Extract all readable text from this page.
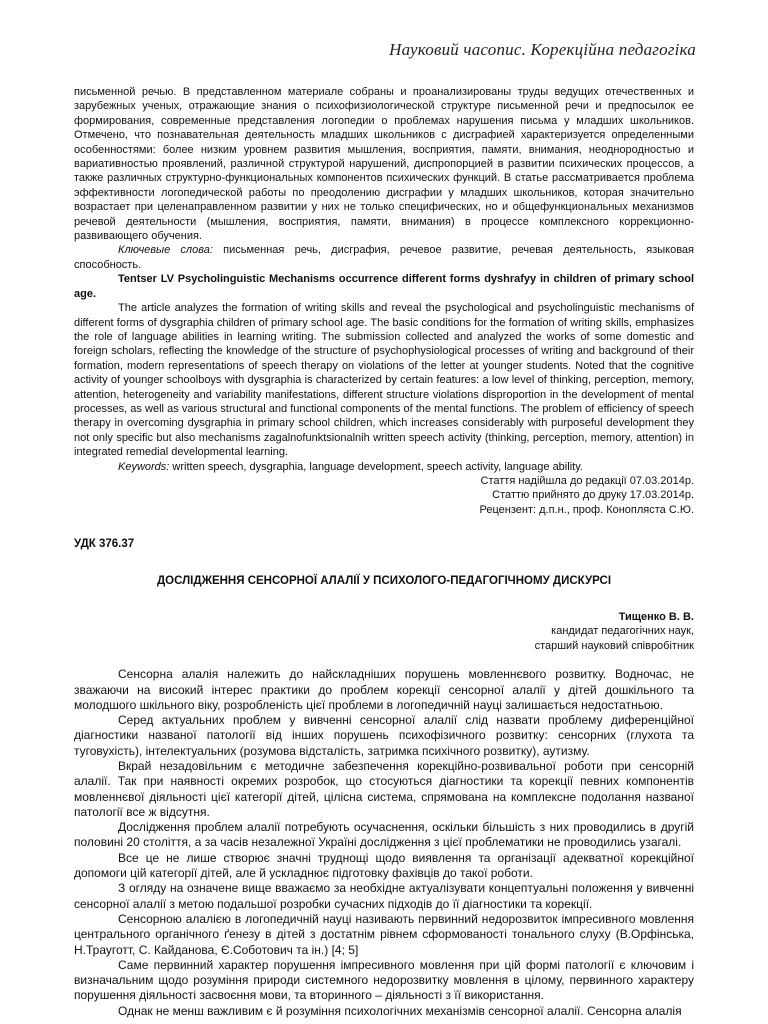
Науковий часопис. Корекційна педагогіка

письменной речью. В представленном материале собраны и проанализированы труды ведущих отечественных и зарубежных ученых, отражающие знания о психофизиологической структуре письменной речи и предпосылок ее формирования, современные представления логопедии о проблемах нарушения письма у младших школьников. Отмечено, что познавательная деятельность младших школьников с дисграфией характеризуется определенными особенностями: более низким уровнем развития мышления, восприятия, памяти, внимания, неоднородностью и вариативностью проявлений, различной структурой нарушений, диспропорцией в развитии психических процессов, а также различных структурно-функциональных компонентов психических функций. В статье рассматривается проблема эффективности логопедической работы по преодолению дисграфии у младших школьников, которая значительно возрастает при целенаправленном развитии у них не только специфических, но и общефункциональных механизмов речевой деятельности (мышления, восприятия, памяти, внимания) в процессе комплексного коррекционно-развивающего обучения.

Ключевые слова: письменная речь, дисграфия, речевое развитие, речевая деятельность, языковая способность.

Tentser LV Psycholinguistic Mechanisms occurrence different forms dyshrafyy in children of primary school age.

The article analyzes the formation of writing skills and reveal the psychological and psycholinguistic mechanisms of different forms of dysgraphia children of primary school age. The basic conditions for the formation of writing skills, emphasizes the role of language abilities in learning writing. The submission collected and analyzed the works of some domestic and foreign scholars, reflecting the knowledge of the structure of psychophysiological processes of writing and background of their formation, modern representations of speech therapy on violations of the letter at younger students. Noted that the cognitive activity of younger schoolboys with dysgraphia is characterized by certain features: a low level of thinking, perception, memory, attention, heterogeneity and variability manifestations, different structure violations disproportion in the development of mental processes, as well as various structural and functional components of the mental functions. The problem of efficiency of speech therapy in overcoming dysgraphia in primary school children, which increases considerably with purposeful development they not only specific but also mechanisms zagalnofunktsionalnih written speech activity (thinking, perception, memory, attention) in integrated remedial developmental learning.

Keywords: written speech, dysgraphia, language development, speech activity, language ability.

Стаття надійшла до редакції 07.03.2014р.

Статтю прийнято до друку 17.03.2014р.

Рецензент: д.п.н., проф. Конопляста С.Ю.

УДК 376.37

ДОСЛІДЖЕННЯ СЕНСОРНОЇ АЛАЛІЇ У ПСИХОЛОГО-ПЕДАГОГІЧНОМУ ДИСКУРСІ

Тищенко В. В.

кандидат педагогічних наук,

старший науковий співробітник

Сенсорна алалія належить до найскладніших порушень мовленнєвого розвитку. Водночас, не зважаючи на високий інтерес практики до проблем корекції сенсорної алалії у дітей дошкільного та молодшого шкільного віку, розробленість цієї проблеми в логопедичній науці залишається недостатньою.

Серед актуальних проблем у вивченні сенсорної алалії слід назвати проблему диференційної діагностики названої патології від інших порушень психофізичного розвитку: сенсорних (глухота та туговухість), інтелектуальних (розумова відсталість, затримка психічного розвитку), аутизму.

Вкрай незадовільним є методичне забезпечення корекційно-розвивальної роботи при сенсорній алалії. Так при наявності окремих розробок, що стосуються діагностики та корекції певних компонентів мовленнєвої діяльності цієї категорії дітей, цілісна система, спрямована на комплексне подолання названої патології все ж відсутня.

Дослідження проблем алалії потребують осучаснення, оскільки більшість з них проводились в другій половині 20 століття, а за часів незалежної Україні дослідження з цієї проблематики не проводились узагалі.

Все це не лише створює значні труднощі щодо виявлення та організації адекватної корекційної допомоги цій категорії дітей, але й ускладнює підготовку фахівців до такої роботи.

З огляду на означене вище вважаємо за необхідне актуалізувати концептуальні положення у вивченні сенсорної алалії з метою подальшої розробки сучасних підходів до її діагностики та корекції.

Сенсорною алалією в логопедичній науці називають первинний недорозвиток імпресивного мовлення центрального органічного ґенезу в дітей з достатнім рівнем сформованості тонального слуху (В.Орфінська, Н.Трауготт, С. Кайданова, Є.Соботович та ін.) [4; 5]

Саме первинний характер порушення імпресивного мовлення при цій формі патології є ключовим і визначальним щодо розуміння природи системного недорозвитку мовлення в цілому, первинного характеру порушення діяльності засвоєння мови, та вторинного – діяльності з її використання.

Однак не менш важливим є й розуміння психологічних механізмів сенсорної алалії. Сенсорна алалія
